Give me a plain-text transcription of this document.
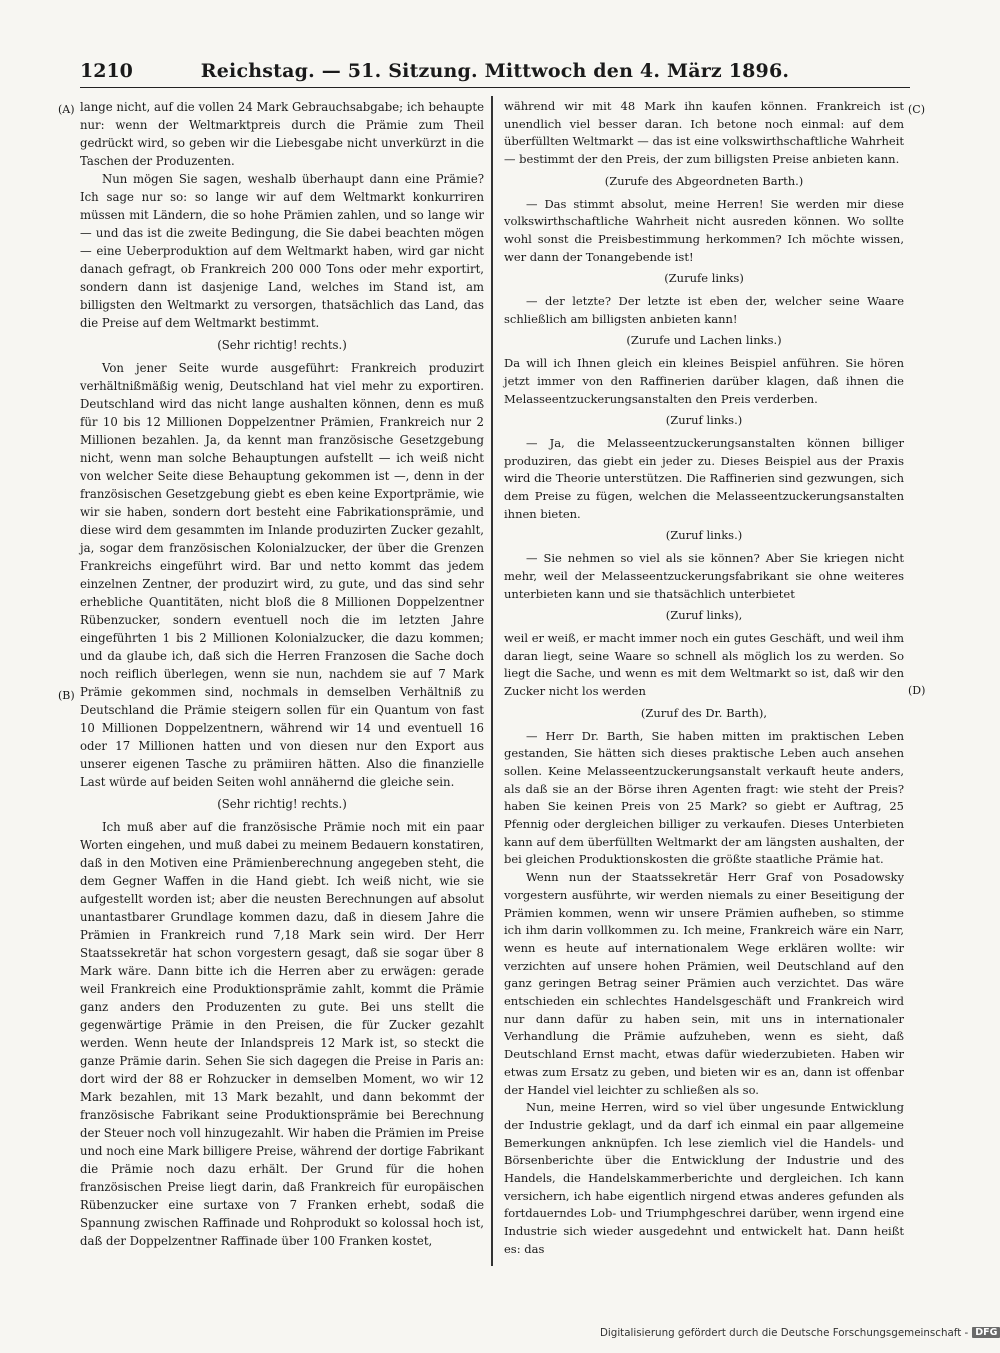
1210	Reichstag. — 51. Sitzung. Mittwoch den 4. März 1896.
(A)
(B)
(C)
(D)

lange nicht, auf die vollen 24 Mark Gebrauchsabgabe; ich behaupte nur: wenn der Weltmarktpreis durch die Prämie zum Theil gedrückt wird, so geben wir die Liebesgabe nicht unverkürzt in die Taschen der Produzenten.

Nun mögen Sie sagen, weshalb überhaupt dann eine Prämie? Ich sage nur so: so lange wir auf dem Weltmarkt konkurriren müssen mit Ländern, die so hohe Prämien zahlen, und so lange wir — und das ist die zweite Bedingung, die Sie dabei beachten mögen — eine Ueberproduktion auf dem Weltmarkt haben, wird gar nicht danach gefragt, ob Frankreich 200 000 Tons oder mehr exportirt, sondern dann ist dasjenige Land, welches im Stand ist, am billigsten den Weltmarkt zu versorgen, thatsächlich das Land, das die Preise auf dem Weltmarkt bestimmt.

(Sehr richtig! rechts.)

Von jener Seite wurde ausgeführt: Frankreich produzirt verhältnißmäßig wenig, Deutschland hat viel mehr zu exportiren. Deutschland wird das nicht lange aushalten können, denn es muß für 10 bis 12 Millionen Doppelzentner Prämien, Frankreich nur 2 Millionen bezahlen. Ja, da kennt man französische Gesetzgebung nicht, wenn man solche Behauptungen aufstellt — ich weiß nicht von welcher Seite diese Behauptung gekommen ist —, denn in der französischen Gesetzgebung giebt es eben keine Exportprämie, wie wir sie haben, sondern dort besteht eine Fabrikationsprämie, und diese wird dem gesammten im Inlande produzirten Zucker gezahlt, ja, sogar dem französischen Kolonialzucker, der über die Grenzen Frankreichs eingeführt wird. Bar und netto kommt das jedem einzelnen Zentner, der produzirt wird, zu gute, und das sind sehr erhebliche Quantitäten, nicht bloß die 8 Millionen Doppelzentner Rübenzucker, sondern eventuell noch die im letzten Jahre eingeführten 1 bis 2 Millionen Kolonialzucker, die dazu kommen; und da glaube ich, daß sich die Herren Franzosen die Sache doch noch reiflich überlegen, wenn sie nun, nachdem sie auf 7 Mark Prämie gekommen sind, nochmals in demselben Verhältniß zu Deutschland die Prämie steigern sollen für ein Quantum von fast 10 Millionen Doppelzentnern, während wir 14 und eventuell 16 oder 17 Millionen hatten und von diesen nur den Export aus unserer eigenen Tasche zu prämiiren hätten. Also die finanzielle Last würde auf beiden Seiten wohl annähernd die gleiche sein.

(Sehr richtig! rechts.)

Ich muß aber auf die französische Prämie noch mit ein paar Worten eingehen, und muß dabei zu meinem Bedauern konstatiren, daß in den Motiven eine Prämienberechnung angegeben steht, die dem Gegner Waffen in die Hand giebt. Ich weiß nicht, wie sie aufgestellt worden ist; aber die neusten Berechnungen auf absolut unantastbarer Grundlage kommen dazu, daß in diesem Jahre die Prämien in Frankreich rund 7,18 Mark sein wird. Der Herr Staatssekretär hat schon vorgestern gesagt, daß sie sogar über 8 Mark wäre. Dann bitte ich die Herren aber zu erwägen: gerade weil Frankreich eine Produktionsprämie zahlt, kommt die Prämie ganz anders den Produzenten zu gute. Bei uns stellt die gegenwärtige Prämie in den Preisen, die für Zucker gezahlt werden. Wenn heute der Inlandspreis 12 Mark ist, so steckt die ganze Prämie darin. Sehen Sie sich dagegen die Preise in Paris an: dort wird der 88 er Rohzucker in demselben Moment, wo wir 12 Mark bezahlen, mit 13 Mark bezahlt, und dann bekommt der französische Fabrikant seine Produktionsprämie bei Berechnung der Steuer noch voll hinzugezahlt. Wir haben die Prämien im Preise und noch eine Mark billigere Preise, während der dortige Fabrikant die Prämie noch dazu erhält. Der Grund für die hohen französischen Preise liegt darin, daß Frankreich für europäischen Rübenzucker eine surtaxe von 7 Franken erhebt, sodaß die Spannung zwischen Raffinade und Rohprodukt so kolossal hoch ist, daß der Doppelzentner Raffinade über 100 Franken kostet,

während wir mit 48 Mark ihn kaufen können. Frankreich ist unendlich viel besser daran. Ich betone noch einmal: auf dem überfüllten Weltmarkt — das ist eine volkswirthschaftliche Wahrheit — bestimmt der den Preis, der zum billigsten Preise anbieten kann.

(Zurufe des Abgeordneten Barth.)

— Das stimmt absolut, meine Herren! Sie werden mir diese volkswirthschaftliche Wahrheit nicht ausreden können. Wo sollte wohl sonst die Preisbestimmung herkommen? Ich möchte wissen, wer dann der Tonangebende ist!

(Zurufe links)

— der letzte? Der letzte ist eben der, welcher seine Waare schließlich am billigsten anbieten kann!

(Zurufe und Lachen links.)

Da will ich Ihnen gleich ein kleines Beispiel anführen. Sie hören jetzt immer von den Raffinerien darüber klagen, daß ihnen die Melasseentzuckerungsanstalten den Preis verderben.

(Zuruf links.)

— Ja, die Melasseentzuckerungsanstalten können billiger produziren, das giebt ein jeder zu. Dieses Beispiel aus der Praxis wird die Theorie unterstützen. Die Raffinerien sind gezwungen, sich dem Preise zu fügen, welchen die Melasseentzuckerungsanstalten ihnen bieten.

(Zuruf links.)

— Sie nehmen so viel als sie können? Aber Sie kriegen nicht mehr, weil der Melasseentzuckerungsfabrikant sie ohne weiteres unterbieten kann und sie thatsächlich unterbietet

(Zuruf links),

weil er weiß, er macht immer noch ein gutes Geschäft, und weil ihm daran liegt, seine Waare so schnell als möglich los zu werden. So liegt die Sache, und wenn es mit dem Weltmarkt so ist, daß wir den Zucker nicht los werden

(Zuruf des Dr. Barth),

— Herr Dr. Barth, Sie haben mitten im praktischen Leben gestanden, Sie hätten sich dieses praktische Leben auch ansehen sollen. Keine Melasseentzuckerungsanstalt verkauft heute anders, als daß sie an der Börse ihren Agenten fragt: wie steht der Preis? haben Sie keinen Preis von 25 Mark? so giebt er Auftrag, 25 Pfennig oder dergleichen billiger zu verkaufen. Dieses Unterbieten kann auf dem überfüllten Weltmarkt der am längsten aushalten, der bei gleichen Produktionskosten die größte staatliche Prämie hat.

Wenn nun der Staatssekretär Herr Graf von Posadowsky vorgestern ausführte, wir werden niemals zu einer Beseitigung der Prämien kommen, wenn wir unsere Prämien aufheben, so stimme ich ihm darin vollkommen zu. Ich meine, Frankreich wäre ein Narr, wenn es heute auf internationalem Wege erklären wollte: wir verzichten auf unsere hohen Prämien, weil Deutschland auf den ganz geringen Betrag seiner Prämien auch verzichtet. Das wäre entschieden ein schlechtes Handelsgeschäft und Frankreich wird nur dann dafür zu haben sein, mit uns in internationaler Verhandlung die Prämie aufzuheben, wenn es sieht, daß Deutschland Ernst macht, etwas dafür wiederzubieten. Haben wir etwas zum Ersatz zu geben, und bieten wir es an, dann ist offenbar der Handel viel leichter zu schließen als so.

Nun, meine Herren, wird so viel über ungesunde Entwicklung der Industrie geklagt, und da darf ich einmal ein paar allgemeine Bemerkungen anknüpfen. Ich lese ziemlich viel die Handels- und Börsenberichte über die Entwicklung der Industrie und des Handels, die Handelskammerberichte und dergleichen. Ich kann versichern, ich habe eigentlich nirgend etwas anderes gefunden als fortdauerndes Lob- und Triumphgeschrei darüber, wenn irgend eine Industrie sich wieder ausgedehnt und entwickelt hat. Dann heißt es: das

Digitalisierung gefördert durch die Deutsche Forschungsgemeinschaft - DFG
